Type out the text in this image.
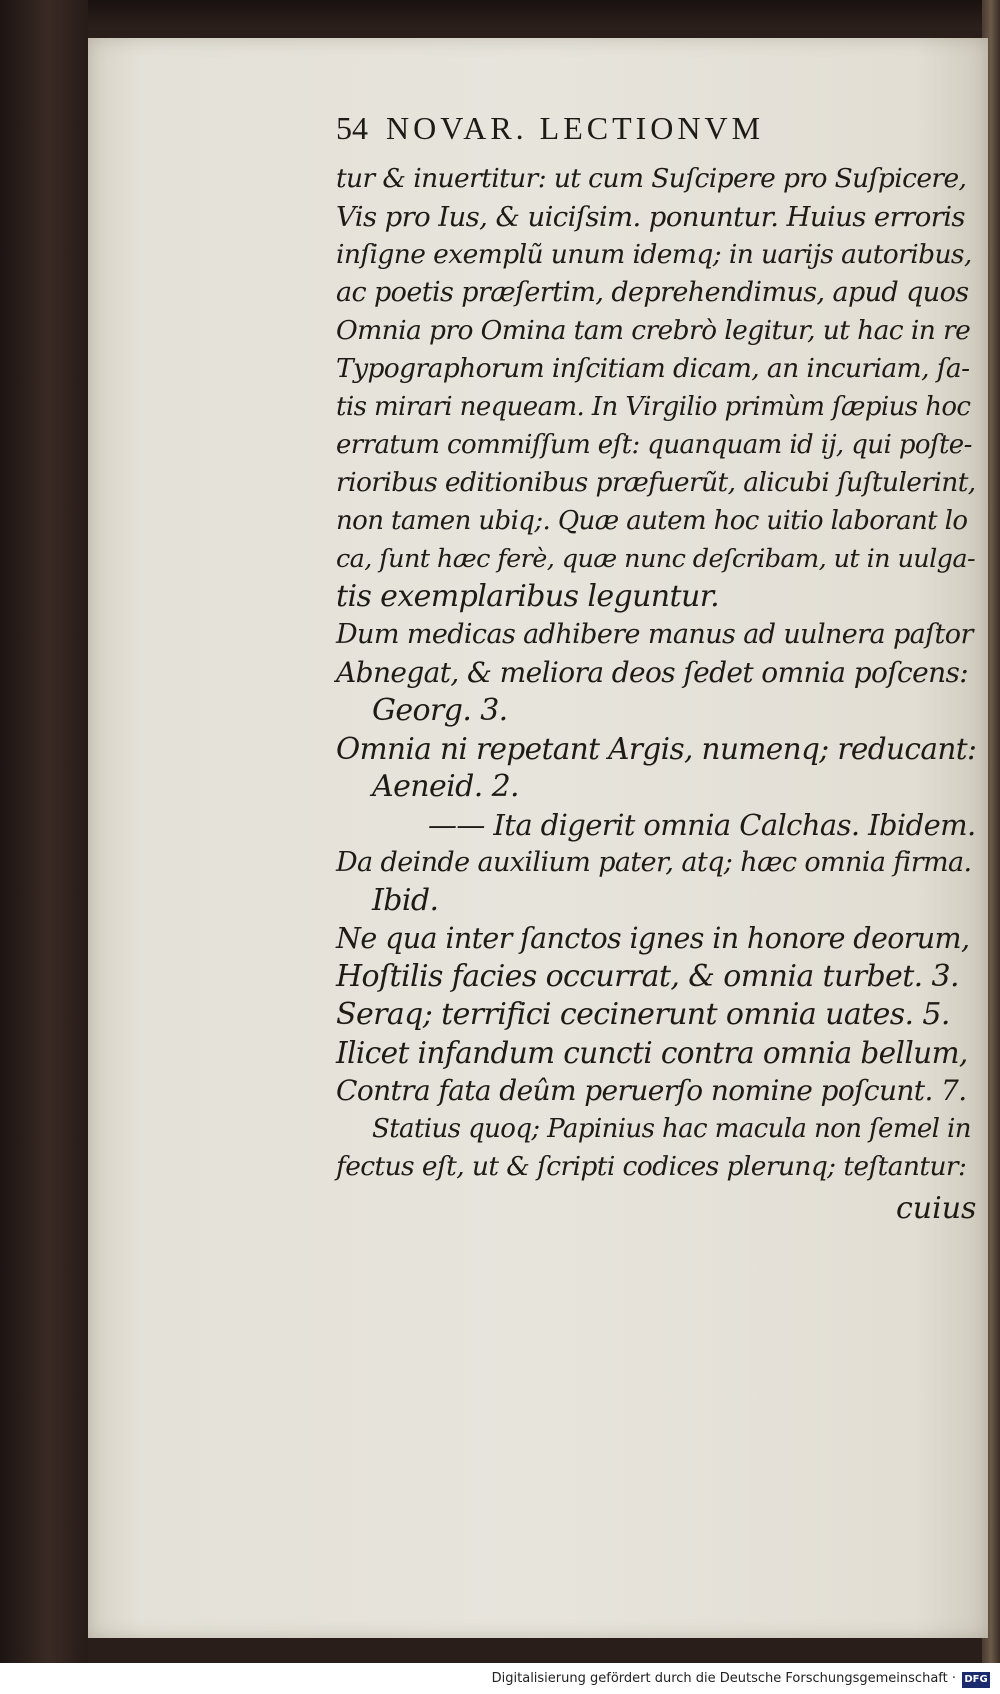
54 NOVAR. LECTIONVM
tur & inuertitur: ut cum Suſcipere pro Suſpicere,
Vis pro Ius, & uiciſsim. ponuntur. Huius erroris
inſigne exemplũ unum idemq; in uarijs autoribus,
ac poetis præſertim, deprehendimus, apud quos
Omnia pro Omina tam crebrò legitur, ut hac in re
Typographorum inſcitiam dicam, an incuriam, ſa-
tis mirari nequeam. In Virgilio primùm ſæpius hoc
erratum commiſſum eſt: quanquam id ij, qui poſte-
rioribus editionibus præfuerũt, alicubi ſuſtulerint,
non tamen ubiq;. Quæ autem hoc uitio laborant lo
ca, ſunt hæc ferè, quæ nunc deſcribam, ut in uulga-
tis exemplaribus leguntur.
Dum medicas adhibere manus ad uulnera paſtor
Abnegat, & meliora deos ſedet omnia poſcens:
Georg. 3.
Omnia ni repetant Argis, numenq; reducant:
Aeneid. 2.
—— Ita digerit omnia Calchas. Ibidem.
Da deinde auxilium pater, atq; hæc omnia firma.
Ibid.
Ne qua inter ſanctos ignes in honore deorum,
Hoſtilis facies occurrat, & omnia turbet. 3.
Seraq; terrifici cecinerunt omnia uates. 5.
Ilicet infandum cuncti contra omnia bellum,
Contra fata deûm peruerſo nomine poſcunt. 7.
Statius quoq; Papinius hac macula non ſemel in
fectus eſt, ut & ſcripti codices plerunq; teſtantur:
cuius
Digitalisierung gefördert durch die Deutsche Forschungsgemeinschaft · DFG
